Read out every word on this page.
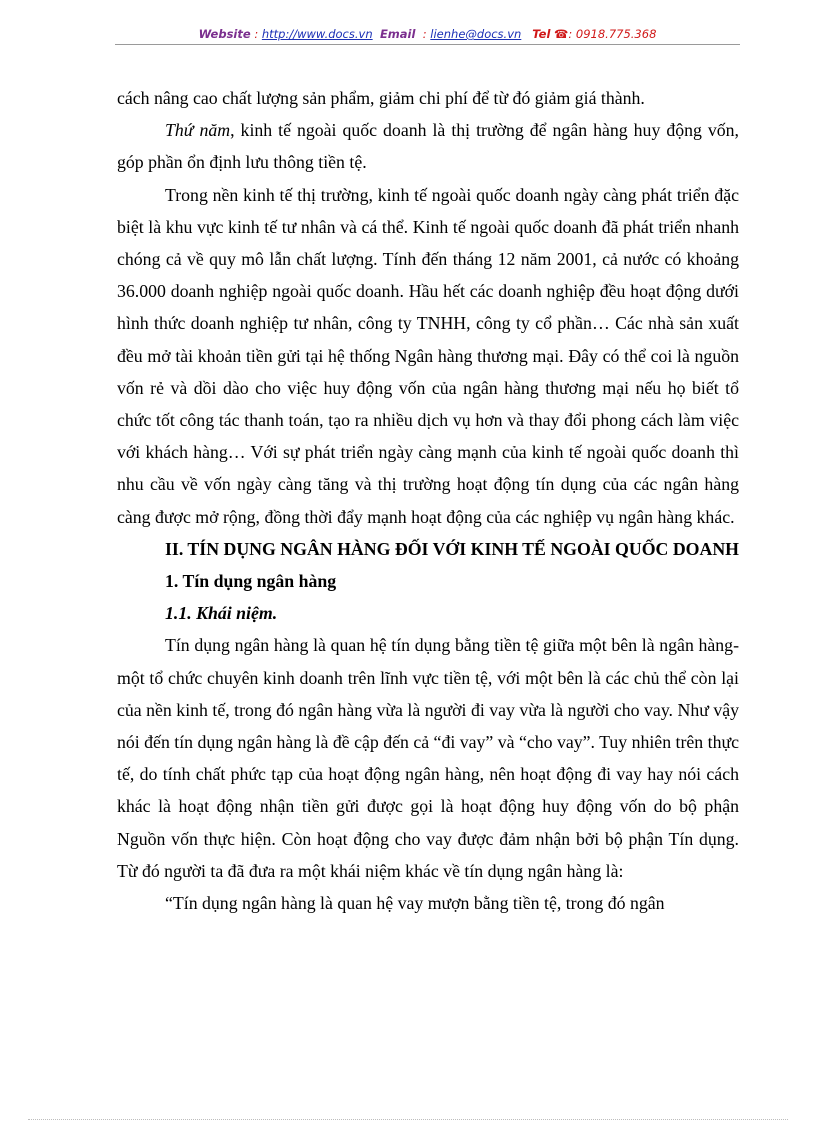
Website : http://www.docs.vn Email  : lienhe@docs.vn Tel ☎: 0918.775.368

cách nâng cao chất lượng sản phẩm, giảm chi phí để từ đó giảm giá thành.

Thứ năm, kinh tế ngoài quốc doanh là thị trường để ngân hàng huy động vốn, góp phần ổn định lưu thông tiền tệ.

Trong nền kinh tế thị trường, kinh tế ngoài quốc doanh ngày càng phát triển đặc biệt là khu vực kinh tế tư nhân và cá thể. Kinh tế ngoài quốc doanh đã phát triển nhanh chóng cả về quy mô lẫn chất lượng. Tính đến tháng 12 năm 2001, cả nước có khoảng 36.000 doanh nghiệp ngoài quốc doanh. Hầu hết các doanh nghiệp đều hoạt động dưới hình thức doanh nghiệp tư nhân, công ty TNHH, công ty cổ phần… Các nhà sản xuất đều mở tài khoản tiền gửi tại hệ thống Ngân hàng thương mại. Đây có thể coi là nguồn vốn rẻ và dồi dào cho việc huy động vốn của ngân hàng thương mại nếu họ biết tổ chức tốt công tác thanh toán, tạo ra nhiều dịch vụ hơn và thay đổi phong cách làm việc với khách hàng… Với sự phát triển ngày càng mạnh của kinh tế ngoài quốc doanh thì nhu cầu về vốn ngày càng tăng và thị trường hoạt động tín dụng của các ngân hàng càng được mở rộng, đồng thời đẩy mạnh hoạt động của các nghiệp vụ ngân hàng khác.

II. TÍN DỤNG NGÂN HÀNG ĐỐI VỚI KINH TẾ NGOÀI QUỐC DOANH

1. Tín dụng ngân hàng

1.1. Khái niệm.

Tín dụng ngân hàng là quan hệ tín dụng bằng tiền tệ giữa một bên là ngân hàng- một tổ chức chuyên kinh doanh trên lĩnh vực tiền tệ, với một bên là các chủ thể còn lại của nền kinh tế, trong đó ngân hàng vừa là người đi vay vừa là người cho vay. Như vậy nói đến tín dụng ngân hàng là đề cập đến cả “đi vay” và “cho vay”. Tuy nhiên trên thực tế, do tính chất phức tạp của hoạt động ngân hàng, nên hoạt động đi vay hay nói cách khác là hoạt động nhận tiền gửi được gọi là hoạt động huy động vốn do bộ phận Nguồn vốn thực hiện. Còn hoạt động cho vay được đảm nhận bởi bộ phận Tín dụng. Từ đó người ta đã đưa ra một khái niệm khác về tín dụng ngân hàng là:

“Tín dụng ngân hàng là quan hệ vay mượn bằng tiền tệ, trong đó ngân
